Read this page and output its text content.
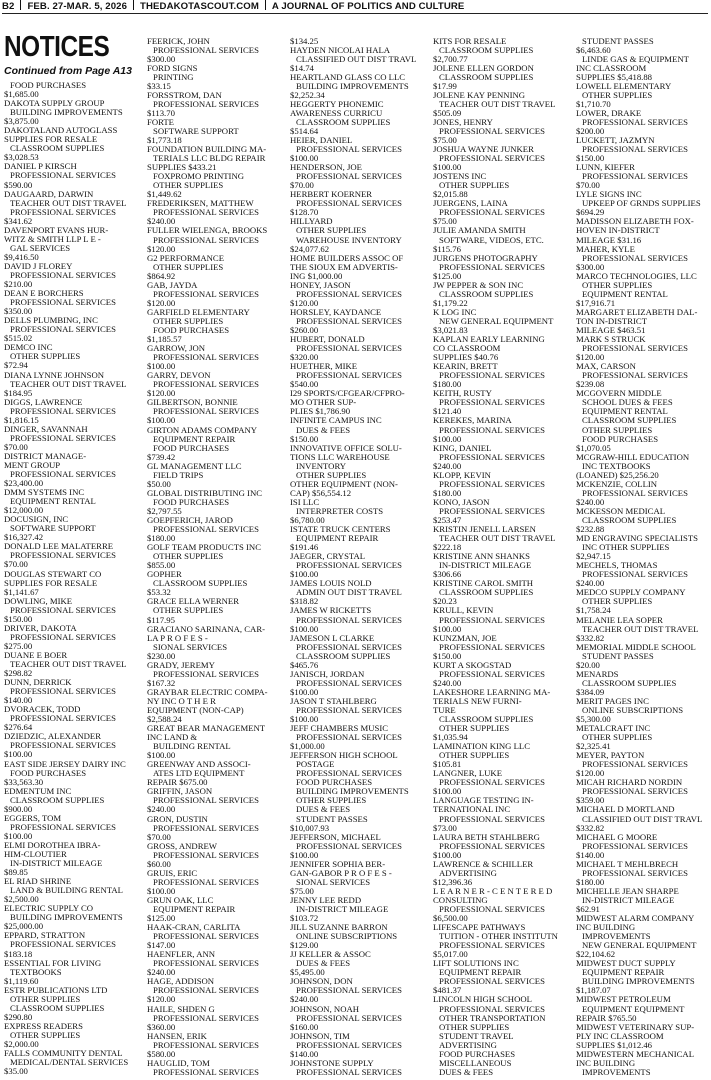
B2 FEB. 27-MAR. 5, 2026 THEDAKOTASCOUT.COM A JOURNAL OF POLITICS AND CULTURE
NOTICES
Continued from Page A13
FOOD PURCHASES
$1,685.00
DAKOTA SUPPLY GROUP
BUILDING IMPROVEMENTS
$3,875.00
DAKOTALAND AUTOGLASS
SUPPLIES FOR RESALE
CLASSROOM SUPPLIES
$3,028.53
DANIEL P KIRSCH
PROFESSIONAL SERVICES
$590.00
DAUGAARD, DARWIN
TEACHER OUT DIST TRAVEL
PROFESSIONAL SERVICES
$341.62
DAVENPORT EVANS HUR-
WITZ & SMITH LLP L E -
GAL SERVICES
$9,416.50
DAVID J FLOREY
PROFESSIONAL SERVICES
$210.00
DEAN E BORCHERS
PROFESSIONAL SERVICES
$350.00
DELLS PLUMBING, INC
PROFESSIONAL SERVICES
$515.02
DEMCO INC
OTHER SUPPLIES
$72.94
DIANA LYNNE JOHNSON
TEACHER OUT DIST TRAVEL
$184.95
DIGGS, LAWRENCE
PROFESSIONAL SERVICES
$1,816.15
DINGER, SAVANNAH
PROFESSIONAL SERVICES
$70.00
DISTRICT MANAGE-
MENT GROUP
PROFESSIONAL SERVICES
$23,400.00
DMM SYSTEMS INC
EQUIPMENT RENTAL
$12,000.00
DOCUSIGN, INC
SOFTWARE SUPPORT
$16,327.42
DONALD LEE MALATERRE
PROFESSIONAL SERVICES
$70.00
DOUGLAS STEWART CO
SUPPLIES FOR RESALE
$1,141.67
DOWLING, MIKE
PROFESSIONAL SERVICES
$150.00
DRIVER, DAKOTA
PROFESSIONAL SERVICES
$275.00
DUANE E BOER
TEACHER OUT DIST TRAVEL
$298.82
DUNN, DERRICK
PROFESSIONAL SERVICES
$140.00
DVORACEK, TODD
PROFESSIONAL SERVICES
$276.64
DZIEDZIC, ALEXANDER
PROFESSIONAL SERVICES
$100.00
EAST SIDE JERSEY DAIRY INC
FOOD PURCHASES
$33,563.30
EDMENTUM INC
CLASSROOM SUPPLIES
$900.00
EGGERS, TOM
PROFESSIONAL SERVICES
$100.00
ELMI DOROTHEA IBRA-
HIM-CLOUTIER
IN-DISTRICT MILEAGE
$89.85
EL RIAD SHRINE
LAND & BUILDING RENTAL
$2,500.00
ELECTRIC SUPPLY CO
BUILDING IMPROVEMENTS
$25,000.00
EPPARD, STRATTON
PROFESSIONAL SERVICES
$183.18
ESSENTIAL FOR LIVING
TEXTBOOKS
$1,119.60
ESTR PUBLICATIONS LTD
OTHER SUPPLIES
CLASSROOM SUPPLIES
$290.80
EXPRESS READERS
OTHER SUPPLIES
$2,000.00
FALLS COMMUNITY DENTAL
MEDICAL/DENTAL SERVICES
$35.00
FEERICK, JOHN
PROFESSIONAL SERVICES
$300.00
FORD SIGNS
PRINTING
$33.15
FORSSTROM, DAN
PROFESSIONAL SERVICES
$113.70
FORTE
SOFTWARE SUPPORT
$1,773.18
FOUNDATION BUILDING MA-
TERIALS LLC BLDG REPAIR
SUPPLIES $433.21
FOXPROMO PRINTING
OTHER SUPPLIES
$1,449.62
FREDERIKSEN, MATTHEW
PROFESSIONAL SERVICES
$240.00
FULLER WIELENGA, BROOKS
PROFESSIONAL SERVICES
$120.00
G2 PERFORMANCE
OTHER SUPPLIES
$864.92
GAB, JAYDA
PROFESSIONAL SERVICES
$120.00
GARFIELD ELEMENTARY
OTHER SUPPLIES
FOOD PURCHASES
$1,185.57
GARROW, JON
PROFESSIONAL SERVICES
$100.00
GARRY, DEVON
PROFESSIONAL SERVICES
$120.00
GILBERTSON, BONNIE
PROFESSIONAL SERVICES
$100.00
GIRTON ADAMS COMPANY
EQUIPMENT REPAIR
FOOD PURCHASES
$739.42
GL MANAGEMENT LLC
FIELD TRIPS
$50.00
GLOBAL DISTRIBUTING INC
FOOD PURCHASES
$2,797.55
GOEPFERICH, JAROD
PROFESSIONAL SERVICES
$180.00
GOLF TEAM PRODUCTS INC
OTHER SUPPLIES
$855.00
GOPHER
CLASSROOM SUPPLIES
$53.32
GRACE ELLA WERNER
OTHER SUPPLIES
$117.95
GRACIANO SARINANA, CAR-
LA P R O F E S -
SIONAL SERVICES
$230.00
GRADY, JEREMY
PROFESSIONAL SERVICES
$167.32
GRAYBAR ELECTRIC COMPA-
NY INC O T H E R
EQUIPMENT (NON-CAP)
$2,588.24
GREAT BEAR MANAGEMENT
INC LAND &
BUILDING RENTAL
$100.00
GREENWAY AND ASSOCI-
ATES LTD EQUIPMENT
REPAIR $675.00
GRIFFIN, JASON
PROFESSIONAL SERVICES
$240.00
GRON, DUSTIN
PROFESSIONAL SERVICES
$70.00
GROSS, ANDREW
PROFESSIONAL SERVICES
$60.00
GRUIS, ERIC
PROFESSIONAL SERVICES
$100.00
GRUN OAK, LLC
EQUIPMENT REPAIR
$125.00
HAAK-CRAN, CARLITA
PROFESSIONAL SERVICES
$147.00
HAENFLER, ANN
PROFESSIONAL SERVICES
$240.00
HAGE, ADDISON
PROFESSIONAL SERVICES
$120.00
HAILE, SHDEN G
PROFESSIONAL SERVICES
$360.00
HANSEN, ERIK
PROFESSIONAL SERVICES
$580.00
HAUGLID, TOM
PROFESSIONAL SERVICES
$134.25
HAYDEN NICOLAI HALA
CLASSIFIED OUT DIST TRAVL
$14.74
HEARTLAND GLASS CO LLC
BUILDING IMPROVEMENTS
$2,252.34
HEGGERTY PHONEMIC
AWARENESS CURRICU
CLASSROOM SUPPLIES
$514.64
HEIER, DANIEL
PROFESSIONAL SERVICES
$100.00
HENDERSON, JOE
PROFESSIONAL SERVICES
$70.00
HERBERT KOERNER
PROFESSIONAL SERVICES
$128.70
HILLYARD
OTHER SUPPLIES
WAREHOUSE INVENTORY
$24,077.62
HOME BUILDERS ASSOC OF
THE SIOUX EM ADVERTIS-
ING $1,000.00
HONEY, JASON
PROFESSIONAL SERVICES
$120.00
HORSLEY, KAYDANCE
PROFESSIONAL SERVICES
$260.00
HUBERT, DONALD
PROFESSIONAL SERVICES
$320.00
HUETHER, MIKE
PROFESSIONAL SERVICES
$540.00
I29 SPORTS/CFGEAR/CFPRO-
MO OTHER SUP-
PLIES $1,786.90
INFINITE CAMPUS INC
DUES & FEES
$150.00
INNOVATIVE OFFICE SOLU-
TIONS LLC WAREHOUSE
INVENTORY
OTHER SUPPLIES
OTHER EQUIPMENT (NON-
CAP) $56,554.12
ISI LLC
INTERPRETER COSTS
$6,780.00
ISTATE TRUCK CENTERS
EQUIPMENT REPAIR
$191.46
JAEGER, CRYSTAL
PROFESSIONAL SERVICES
$100.00
JAMES LOUIS NOLD
ADMIN OUT DIST TRAVEL
$318.82
JAMES W RICKETTS
PROFESSIONAL SERVICES
$100.00
JAMESON L CLARKE
PROFESSIONAL SERVICES
CLASSROOM SUPPLIES
$465.76
JANISCH, JORDAN
PROFESSIONAL SERVICES
$100.00
JASON T STAHLBERG
PROFESSIONAL SERVICES
$100.00
JEFF CHAMBERS MUSIC
PROFESSIONAL SERVICES
$1,000.00
JEFFERSON HIGH SCHOOL
POSTAGE
PROFESSIONAL SERVICES
FOOD PURCHASES
BUILDING IMPROVEMENTS
OTHER SUPPLIES
DUES & FEES
STUDENT PASSES
$10,007.93
JEFFERSON, MICHAEL
PROFESSIONAL SERVICES
$100.00
JENNIFER SOPHIA BER-
GAN-GABOR P R O F E S -
SIONAL SERVICES
$75.00
JENNY LEE REDD
IN-DISTRICT MILEAGE
$103.72
JILL SUZANNE BARRON
ONLINE SUBSCRIPTIONS
$129.00
JJ KELLER & ASSOC
DUES & FEES
$5,495.00
JOHNSON, DON
PROFESSIONAL SERVICES
$240.00
JOHNSON, NOAH
PROFESSIONAL SERVICES
$160.00
JOHNSON, TIM
PROFESSIONAL SERVICES
$140.00
JOHNSTONE SUPPLY
PROFESSIONAL SERVICES
KITS FOR RESALE
CLASSROOM SUPPLIES
$2,700.77
JOLENE ELLEN GORDON
CLASSROOM SUPPLIES
$17.99
JOLENE KAY PENNING
TEACHER OUT DIST TRAVEL
$505.09
JONES, HENRY
PROFESSIONAL SERVICES
$75.00
JOSHUA WAYNE JUNKER
PROFESSIONAL SERVICES
$100.00
JOSTENS INC
OTHER SUPPLIES
$2,015.88
JUERGENS, LAINA
PROFESSIONAL SERVICES
$75.00
JULIE AMANDA SMITH
SOFTWARE, VIDEOS, ETC.
$115.76
JURGENS PHOTOGRAPHY
PROFESSIONAL SERVICES
$125.00
JW PEPPER & SON INC
CLASSROOM SUPPLIES
$1,179.22
K LOG INC
NEW GENERAL EQUIPMENT
$3,021.83
KAPLAN EARLY LEARNING
CO CLASSROOM
SUPPLIES $40.76
KEARIN, BRETT
PROFESSIONAL SERVICES
$180.00
KEITH, RUSTY
PROFESSIONAL SERVICES
$121.40
KEREKES, MARINA
PROFESSIONAL SERVICES
$100.00
KING, DANIEL
PROFESSIONAL SERVICES
$240.00
KLOPP, KEVIN
PROFESSIONAL SERVICES
$180.00
KONO, JASON
PROFESSIONAL SERVICES
$253.47
KRISTIN JENELL LARSEN
TEACHER OUT DIST TRAVEL
$222.18
KRISTINE ANN SHANKS
IN-DISTRICT MILEAGE
$306.66
KRISTINE CAROL SMITH
CLASSROOM SUPPLIES
$20.23
KRULL, KEVIN
PROFESSIONAL SERVICES
$100.00
KUNZMAN, JOE
PROFESSIONAL SERVICES
$150.00
KURT A SKOGSTAD
PROFESSIONAL SERVICES
$240.00
LAKESHORE LEARNING MA-
TERIALS NEW FURNI-
TURE
CLASSROOM SUPPLIES
OTHER SUPPLIES
$1,035.94
LAMINATION KING LLC
OTHER SUPPLIES
$105.81
LANGNER, LUKE
PROFESSIONAL SERVICES
$100.00
LANGUAGE TESTING IN-
TERNATIONAL INC
PROFESSIONAL SERVICES
$73.00
LAURA BETH STAHLBERG
PROFESSIONAL SERVICES
$100.00
LAWRENCE & SCHILLER
ADVERTISING
$12,396.36
L E A R N E R - C E N T E R E D
CONSULTING
PROFESSIONAL SERVICES
$6,500.00
LIFESCAPE PATHWAYS
TUITION - OTHER INSTITUTN
PROFESSIONAL SERVICES
$5,017.00
LIFT SOLUTIONS INC
EQUIPMENT REPAIR
PROFESSIONAL SERVICES
$481.37
LINCOLN HIGH SCHOOL
PROFESSIONAL SERVICES
OTHER TRANSPORTATION
OTHER SUPPLIES
STUDENT TRAVEL
ADVERTISING
FOOD PURCHASES
MISCELLANEOUS
DUES & FEES
STUDENT PASSES
$6,463.60
LINDE GAS & EQUIPMENT
INC CLASSROOM
SUPPLIES $5,418.88
LOWELL ELEMENTARY
OTHER SUPPLIES
$1,710.70
LOWER, DRAKE
PROFESSIONAL SERVICES
$200.00
LUCKETT, JAZMYN
PROFESSIONAL SERVICES
$150.00
LUNN, KIEFER
PROFESSIONAL SERVICES
$70.00
LYLE SIGNS INC
UPKEEP OF GRNDS SUPPLIES
$694.29
MADISSON ELIZABETH FOX-
HOVEN IN-DISTRICT
MILEAGE $31.16
MAHER, KYLE
PROFESSIONAL SERVICES
$300.00
MARCO TECHNOLOGIES, LLC
OTHER SUPPLIES
EQUIPMENT RENTAL
$17,916.71
MARGARET ELIZABETH DAL-
TON IN-DISTRICT
MILEAGE $463.51
MARK S STRUCK
PROFESSIONAL SERVICES
$120.00
MAX, CARSON
PROFESSIONAL SERVICES
$239.08
MCGOVERN MIDDLE
SCHOOL DUES & FEES
EQUIPMENT RENTAL
CLASSROOM SUPPLIES
OTHER SUPPLIES
FOOD PURCHASES
$1,070.05
MCGRAW-HILL EDUCATION
INC TEXTBOOKS
(LOANED) $25,256.20
MCKENZIE, COLLIN
PROFESSIONAL SERVICES
$240.00
MCKESSON MEDICAL
CLASSROOM SUPPLIES
$232.88
MD ENGRAVING SPECIALISTS
INC OTHER SUPPLIES
$2,947.15
MECHELS, THOMAS
PROFESSIONAL SERVICES
$240.00
MEDCO SUPPLY COMPANY
OTHER SUPPLIES
$1,758.24
MELANIE LEA SOPER
TEACHER OUT DIST TRAVEL
$332.82
MEMORIAL MIDDLE SCHOOL
STUDENT PASSES
$20.00
MENARDS
CLASSROOM SUPPLIES
$384.09
MERIT PAGES INC
ONLINE SUBSCRIPTIONS
$5,300.00
METALCRAFT INC
OTHER SUPPLIES
$2,325.41
MEYER, PAYTON
PROFESSIONAL SERVICES
$120.00
MICAH RICHARD NORDIN
PROFESSIONAL SERVICES
$359.00
MICHAEL D MORTLAND
CLASSIFIED OUT DIST TRAVL
$332.82
MICHAEL G MOORE
PROFESSIONAL SERVICES
$140.00
MICHAEL T MEHLBRECH
PROFESSIONAL SERVICES
$180.00
MICHELLE JEAN SHARPE
IN-DISTRICT MILEAGE
$62.91
MIDWEST ALARM COMPANY
INC BUILDING
IMPROVEMENTS
NEW GENERAL EQUIPMENT
$22,104.62
MIDWEST DUCT SUPPLY
EQUIPMENT REPAIR
BUILDING IMPROVEMENTS
$1,187.07
MIDWEST PETROLEUM
EQUIPMENT EQUIPMENT
REPAIR $765.50
MIDWEST VETERINARY SUP-
PLY INC CLASSROOM
SUPPLIES $1,012.46
MIDWESTERN MECHANICAL
INC BUILDING
IMPROVEMENTS
